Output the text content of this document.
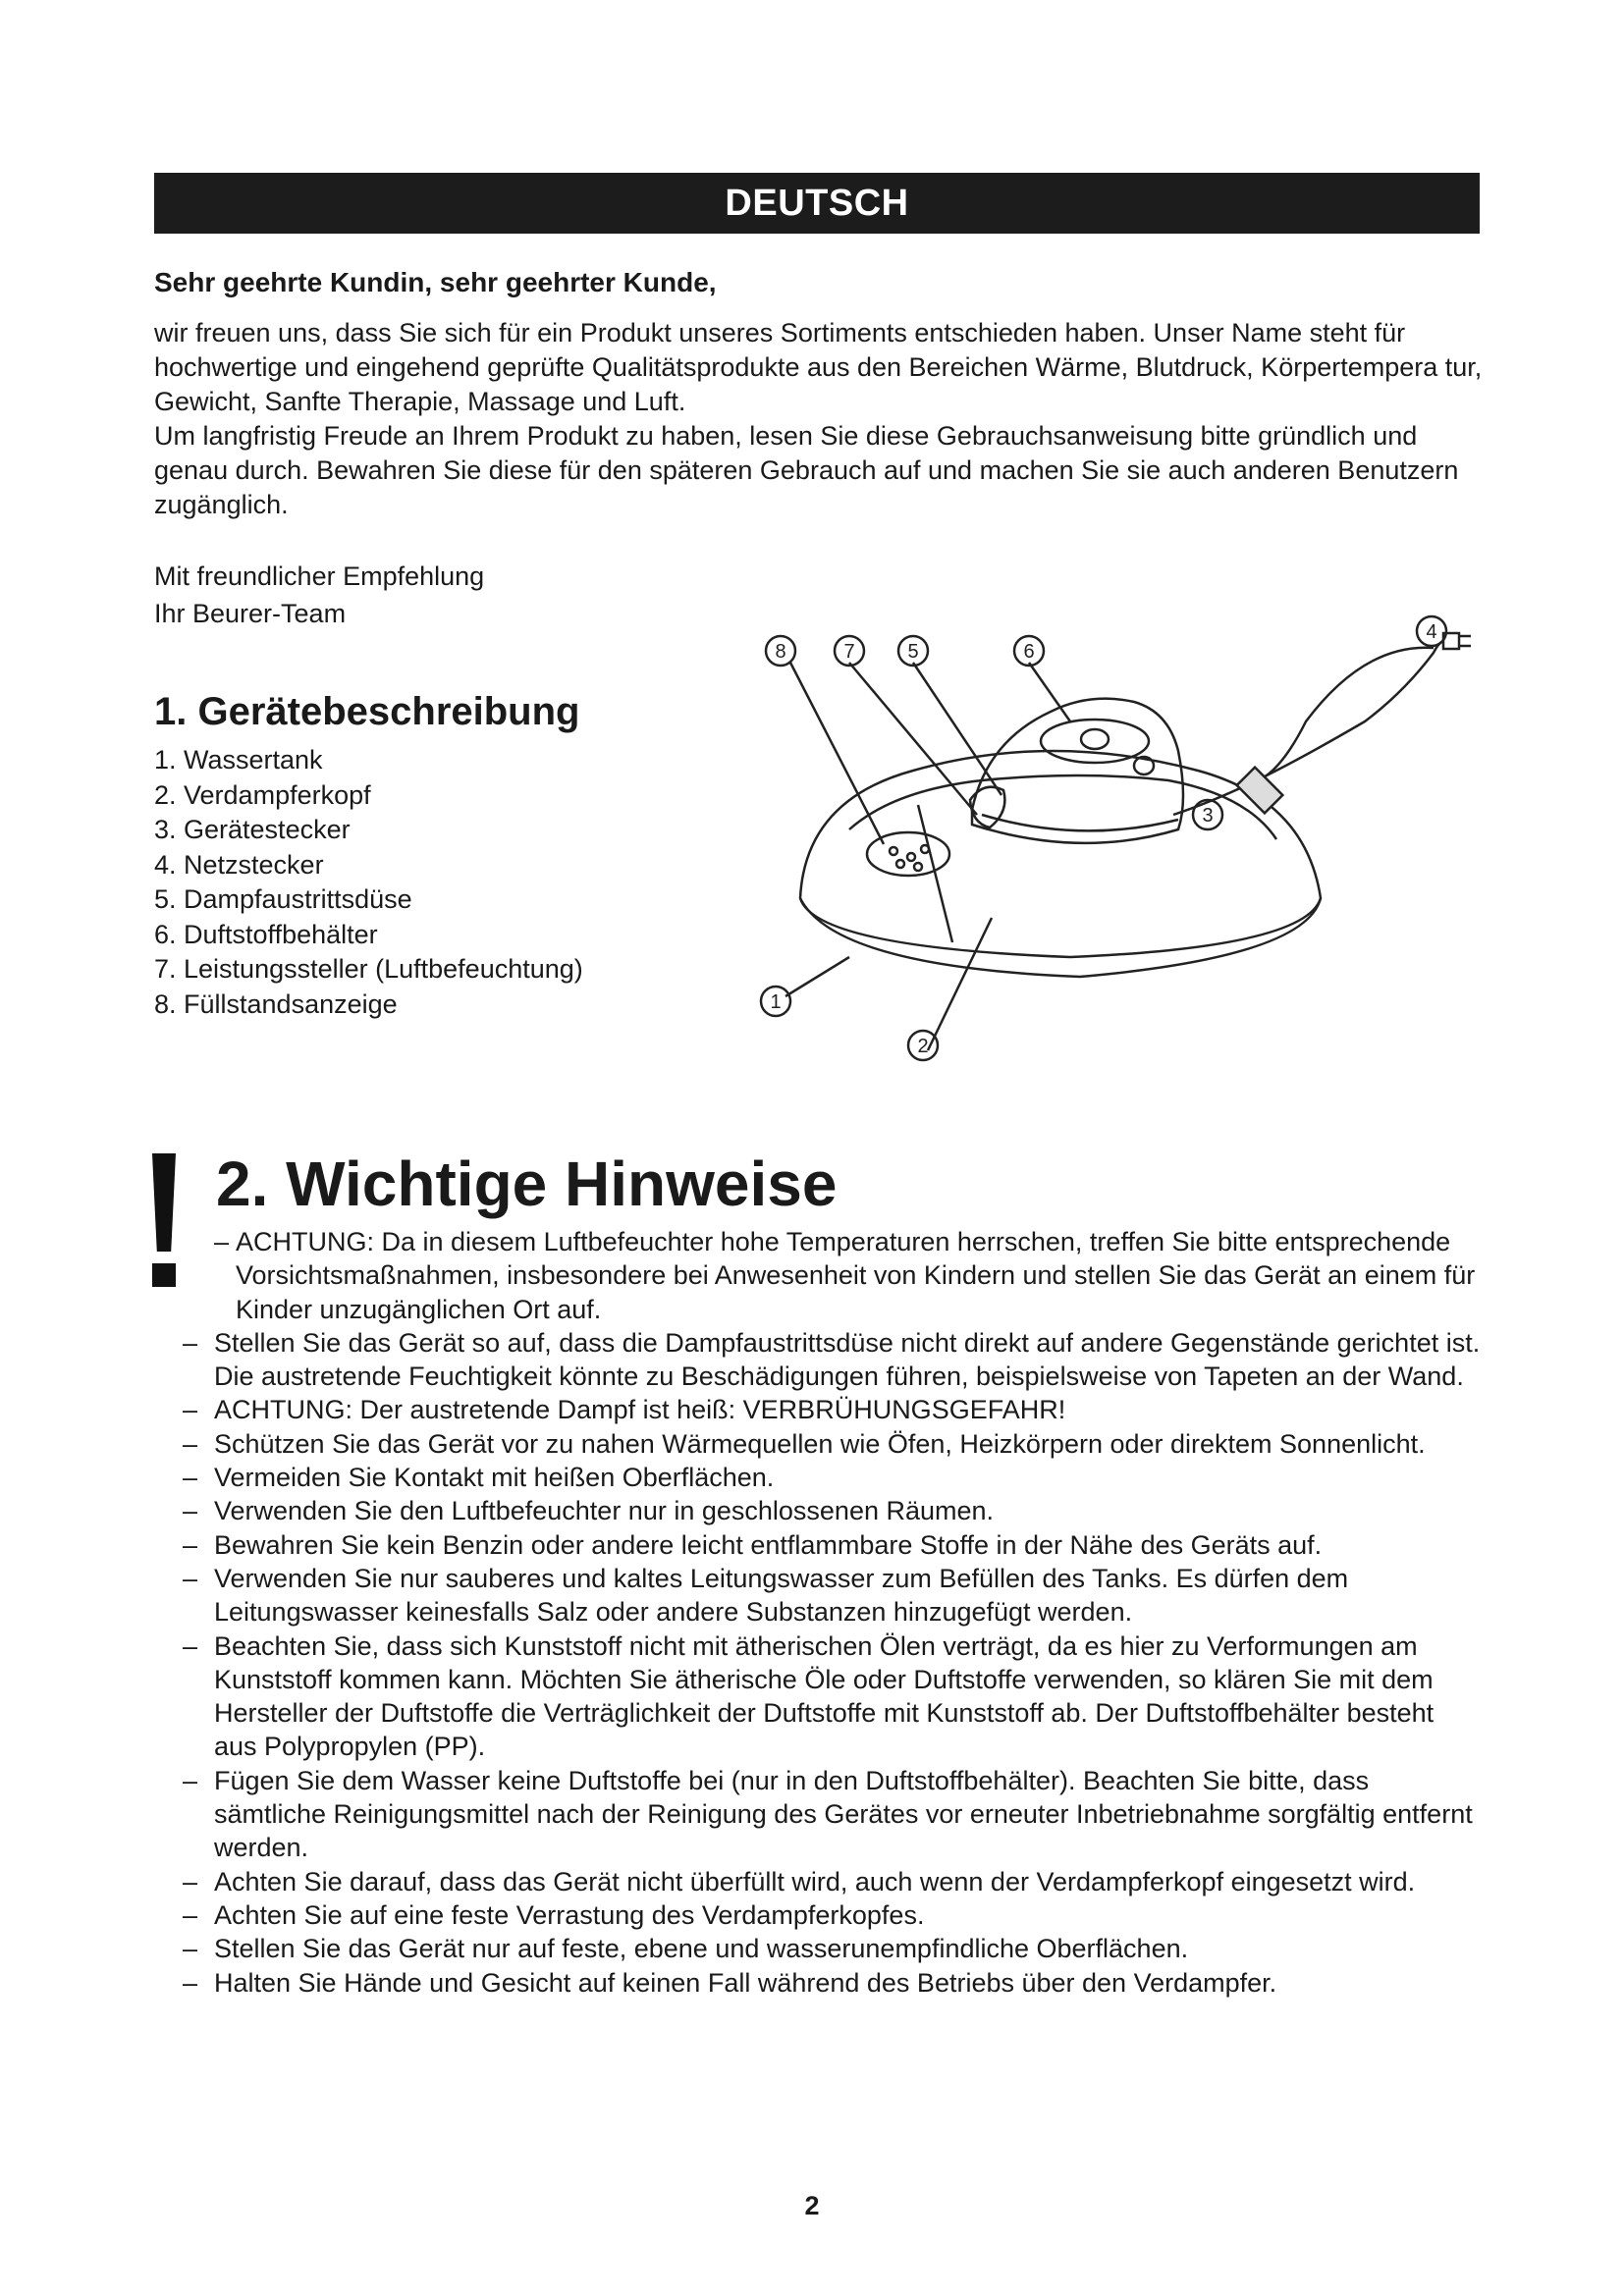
DEUTSCH
Sehr geehrte Kundin, sehr geehrter Kunde,

wir freuen uns, dass Sie sich für ein Produkt unseres Sortiments entschieden haben. Unser Name steht für hochwertige und eingehend geprüfte Qualitätsprodukte aus den Bereichen Wärme, Blutdruck, Körpertempera tur, Gewicht, Sanfte Therapie, Massage und Luft.

Um langfristig Freude an Ihrem Produkt zu haben, lesen Sie diese Gebrauchsanweisung bitte gründlich und genau durch. Bewahren Sie diese für den späteren Gebrauch auf und machen Sie sie auch anderen Benutzern zugänglich.

Mit freundlicher Empfehlung
Ihr Beurer-Team
1. Gerätebeschreibung
1. Wassertank
2. Verdampferkopf
3. Gerätestecker
4. Netzstecker
5. Dampfaustrittsdüse
6. Duftstoffbehälter
7. Leistungssteller (Luftbefeuchtung)
8. Füllstandsanzeige
8	7	5	6
4
3
1
2
2. Wichtige Hinweise
– ACHTUNG: Da in diesem Luftbefeuchter hohe Temperaturen herrschen, treffen Sie bitte entsprechende Vorsichtsmaßnahmen, insbesondere bei Anwesenheit von Kindern und stellen Sie das Gerät an einem für Kinder unzugänglichen Ort auf.
– Stellen Sie das Gerät so auf, dass die Dampfaustrittsdüse nicht direkt auf andere Gegenstände gerichtet ist. Die austretende Feuchtigkeit könnte zu Beschädigungen führen, beispielsweise von Tapeten an der Wand.
– ACHTUNG: Der austretende Dampf ist heiß: VERBRÜHUNGSGEFAHR!
– Schützen Sie das Gerät vor zu nahen Wärmequellen wie Öfen, Heizkörpern oder direktem Sonnenlicht.
– Vermeiden Sie Kontakt mit heißen Oberflächen.
– Verwenden Sie den Luftbefeuchter nur in geschlossenen Räumen.
– Bewahren Sie kein Benzin oder andere leicht entflammbare Stoffe in der Nähe des Geräts auf.
– Verwenden Sie nur sauberes und kaltes Leitungswasser zum Befüllen des Tanks. Es dürfen dem Leitungswasser keinesfalls Salz oder andere Substanzen hinzugefügt werden.
– Beachten Sie, dass sich Kunststoff nicht mit ätherischen Ölen verträgt, da es hier zu Verformungen am Kunststoff kommen kann. Möchten Sie ätherische Öle oder Duftstoffe verwenden, so klären Sie mit dem Hersteller der Duftstoffe die Verträglichkeit der Duftstoffe mit Kunststoff ab. Der Duftstoffbehälter besteht aus Polypropylen (PP).
– Fügen Sie dem Wasser keine Duftstoffe bei (nur in den Duftstoffbehälter). Beachten Sie bitte, dass sämtliche Reinigungsmittel nach der Reinigung des Gerätes vor erneuter Inbetriebnahme sorgfältig entfernt werden.
– Achten Sie darauf, dass das Gerät nicht überfüllt wird, auch wenn der Verdampferkopf eingesetzt wird.
– Achten Sie auf eine feste Verrastung des Verdampferkopfes.
– Stellen Sie das Gerät nur auf feste, ebene und wasserunempfindliche Oberflächen.
– Halten Sie Hände und Gesicht auf keinen Fall während des Betriebs über den Verdampfer.
2
